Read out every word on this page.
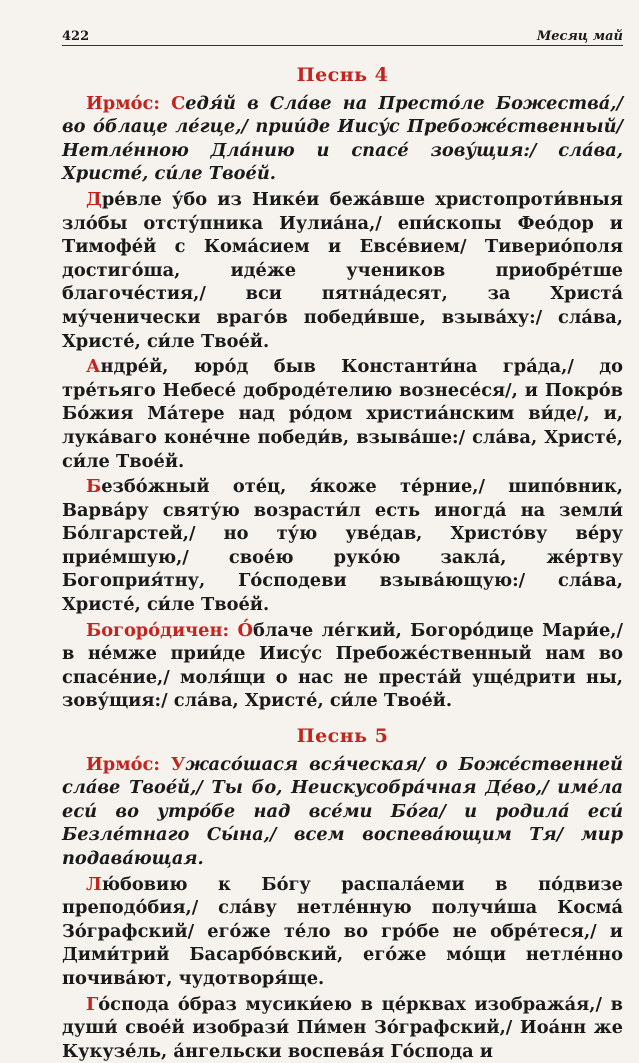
422	Месяц май
Песнь 4

Ирмо́с: Седя́й в Сла́ве на Престо́ле Божества́,/ во о́блаце ле́гце,/ прии́де Иису́с Пребоже́ственный/ Нетле́нною Дла́нию и спасе́ зову́щия:/ сла́ва, Христе́, си́ле Твое́й.

Дре́вле у́бо из Нике́и бежа́вше христопроти́вныя зло́бы отсту́пника Иулиа́на,/ епи́скопы Фео́дор и Тимофе́й с Кома́сием и Евсе́вием/ Тиверио́поля достиго́ша, иде́же учеников приобре́тше благоче́стия,/ вси пятна́десят, за Христа́ му́ченически враго́в победи́вше, взыва́ху:/ сла́ва, Христе́, си́ле Твое́й.

Андре́й, юро́д быв Константи́на гра́да,/ до тре́тьяго Небесе́ доброде́телию вознесе́ся/, и Покро́в Бо́жия Ма́тере над ро́дом христиа́нским ви́де/, и, лука́ваго коне́чне победи́в, взыва́ше:/ сла́ва, Христе́, си́ле Твое́й.

Безбо́жный оте́ц, я́коже те́рние,/ шипо́вник, Варва́ру святу́ю возрасти́л есть иногда́ на земли́ Бо́лгарстей,/ но ту́ю уве́дав, Христо́ву ве́ру прие́мшую,/ свое́ю руко́ю закла́, же́ртву Богоприя́тну, Го́сподеви взыва́ющую:/ сла́ва, Христе́, си́ле Твое́й.

Богоро́дичен: О́блаче ле́гкий, Богоро́дице Мари́е,/ в не́мже прии́де Иису́с Пребоже́ственный нам во спасе́ние,/ моля́щи о нас не преста́й уще́дрити ны, зову́щия:/ сла́ва, Христе́, си́ле Твое́й.

Песнь 5

Ирмо́с: Ужасо́шася вся́ческая/ о Боже́ственней сла́ве Твое́й,/ Ты бо, Неискусобра́чная Де́во,/ име́ла еси́ во утро́бе над все́ми Бо́га/ и родила́ еси́ Безле́тнаго Сы́на,/ всем воспева́ющим Тя/ мир подава́ющая.

Лю́бовию к Бо́гу распала́еми в по́двизе преподо́бия,/ сла́ву нетле́нную получи́ша Косма́ Зо́графский/ его́же те́ло во гро́бе не обре́теся,/ и Дими́трий Басарбо́вский, его́же мо́щи нетле́нно почива́ют, чудотворя́ще.

Го́спода о́браз мусики́ею в це́рквах изобража́я,/ в души́ свое́й изобрази́ Пи́мен Зо́графский,/ Иоа́нн же Кукузе́ль, а́нгельски воспева́я Го́спода и
